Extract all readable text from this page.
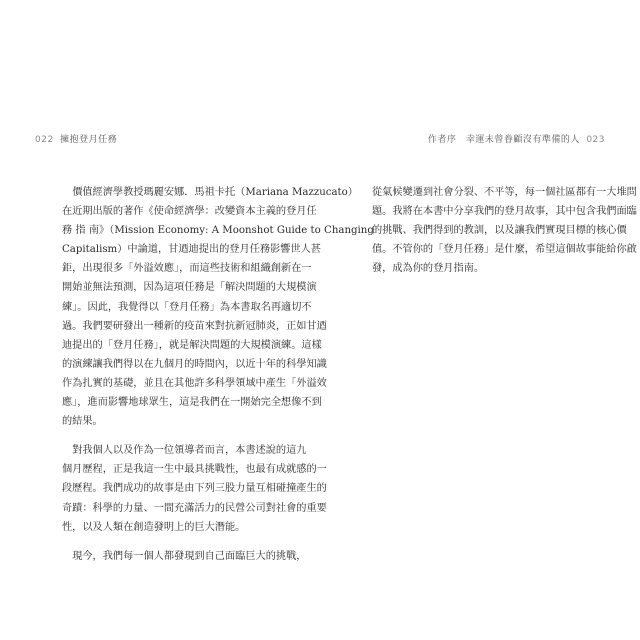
022 擁抱登月任務
價值經濟學教授瑪麗安娜．馬祖卡托（Mariana Mazzucato）
在近期出版的著作《使命經濟學：改變資本主義的登月任
務 指 南》（Mission Economy: A Moonshot Guide to Changing
Capitalism）中論道，甘迺迪提出的登月任務影響世人甚
鉅，出現很多「外溢效應」，而這些技術和組織創新在一
開始並無法預測，因為這項任務是「解決問題的大規模演
練」。因此，我覺得以「登月任務」為本書取名再適切不
過。我們要研發出一種新的疫苗來對抗新冠肺炎，正如甘迺
迪提出的「登月任務」，就是解決問題的大規模演練。這樣
的演練讓我們得以在九個月的時間內，以近十年的科學知識
作為扎實的基礎，並且在其他許多科學領域中產生「外溢效
應」，進而影響地球眾生，這是我們在一開始完全想像不到
的結果。
對我個人以及作為一位領導者而言，本書述說的這九
個月歷程，正是我這一生中最具挑戰性，也最有成就感的一
段歷程。我們成功的故事是由下列三股力量互相碰撞產生的
奇蹟：科學的力量、一間充滿活力的民營公司對社會的重要
性，以及人類在創造發明上的巨大潛能。
現今，我們每一個人都發現到自己面臨巨大的挑戰，
作者序　幸運未曾眷顧沒有準備的人 023
從氣候變遷到社會分裂、不平等，每一個社區都有一大堆問
題。我將在本書中分享我們的登月故事，其中包含我們面臨
的挑戰、我們得到的教訓，以及讓我們實現目標的核心價
值。不管你的「登月任務」是什麼，希望這個故事能給你啟
發，成為你的登月指南。
